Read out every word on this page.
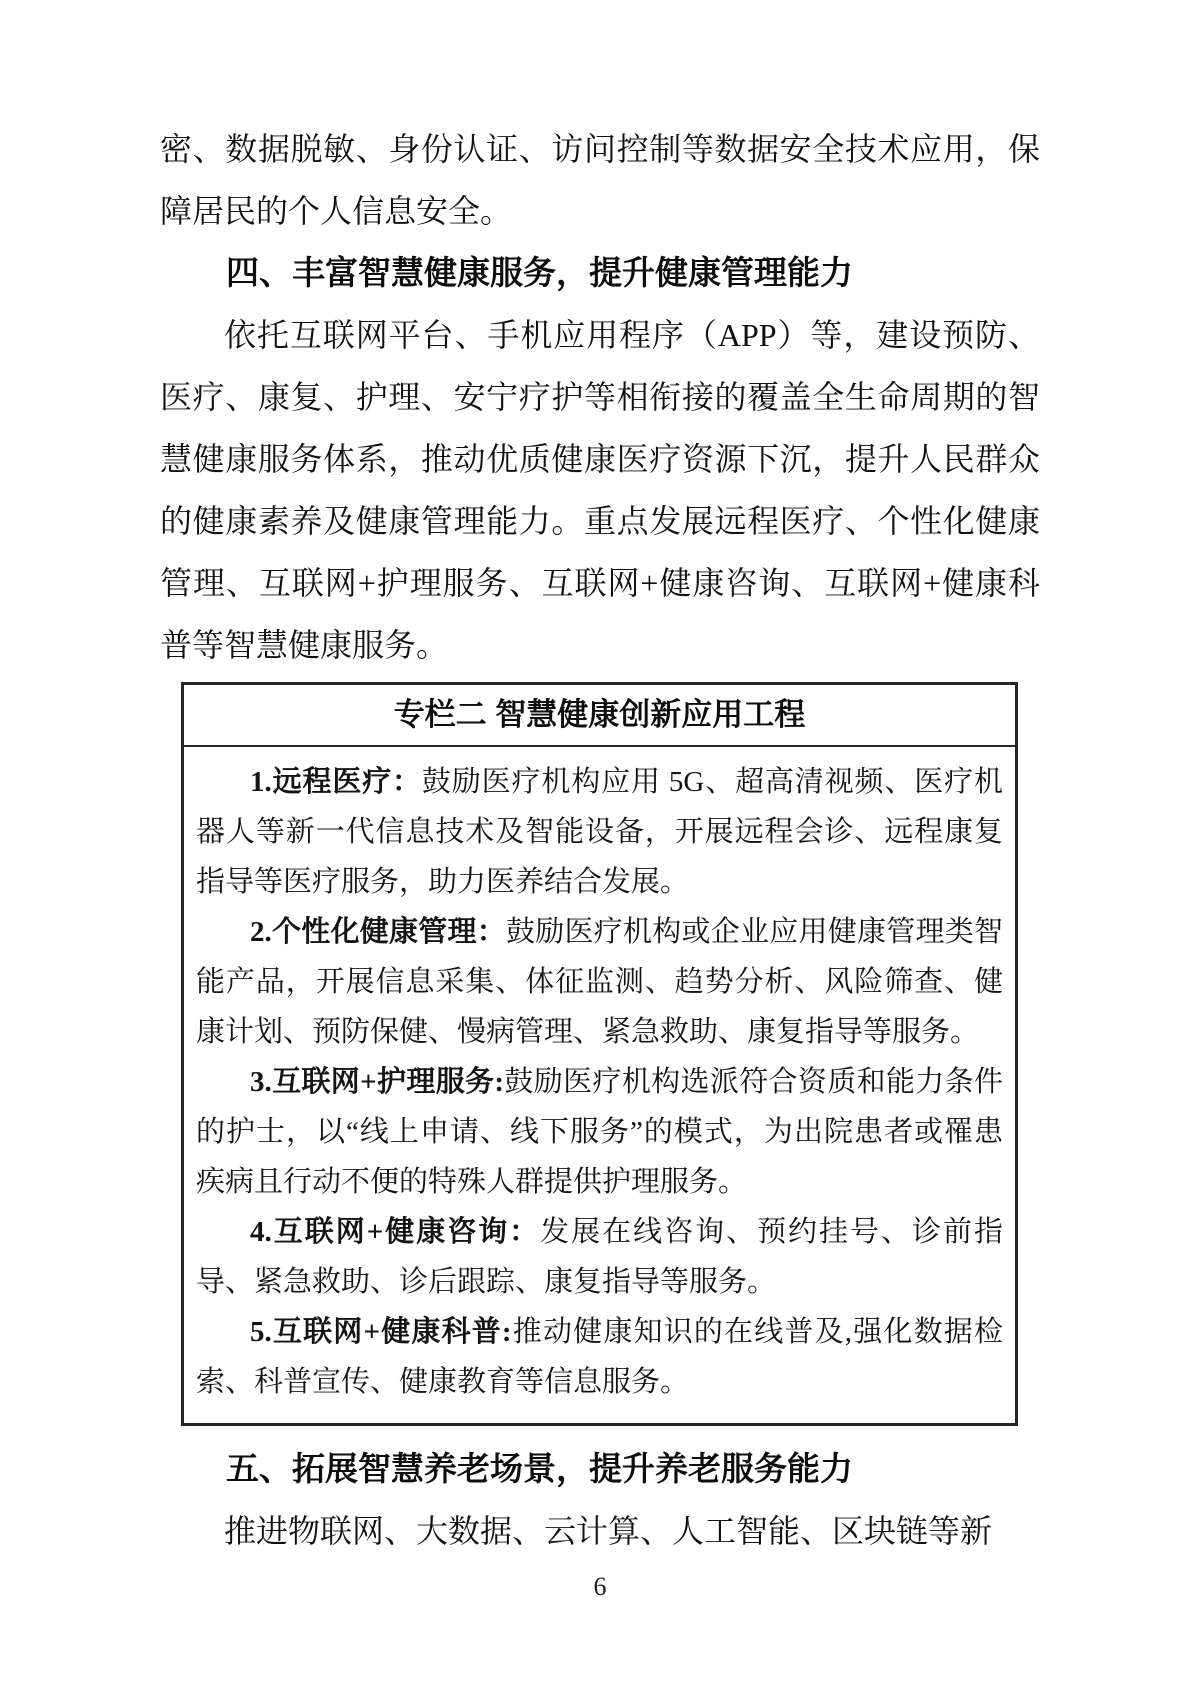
密、数据脱敏、身份认证、访问控制等数据安全技术应用，保障居民的个人信息安全。

四、丰富智慧健康服务，提升健康管理能力

依托互联网平台、手机应用程序（APP）等，建设预防、医疗、康复、护理、安宁疗护等相衔接的覆盖全生命周期的智慧健康服务体系，推动优质健康医疗资源下沉，提升人民群众的健康素养及健康管理能力。重点发展远程医疗、个性化健康管理、互联网+护理服务、互联网+健康咨询、互联网+健康科普等智慧健康服务。

专栏二 智慧健康创新应用工程

1.远程医疗：鼓励医疗机构应用 5G、超高清视频、医疗机器人等新一代信息技术及智能设备，开展远程会诊、远程康复指导等医疗服务，助力医养结合发展。

2.个性化健康管理：鼓励医疗机构或企业应用健康管理类智能产品，开展信息采集、体征监测、趋势分析、风险筛查、健康计划、预防保健、慢病管理、紧急救助、康复指导等服务。

3.互联网+护理服务:鼓励医疗机构选派符合资质和能力条件的护士，以“线上申请、线下服务”的模式，为出院患者或罹患疾病且行动不便的特殊人群提供护理服务。

4.互联网+健康咨询：发展在线咨询、预约挂号、诊前指导、紧急救助、诊后跟踪、康复指导等服务。

5.互联网+健康科普:推动健康知识的在线普及,强化数据检索、科普宣传、健康教育等信息服务。

五、拓展智慧养老场景，提升养老服务能力

推进物联网、大数据、云计算、人工智能、区块链等新

6
